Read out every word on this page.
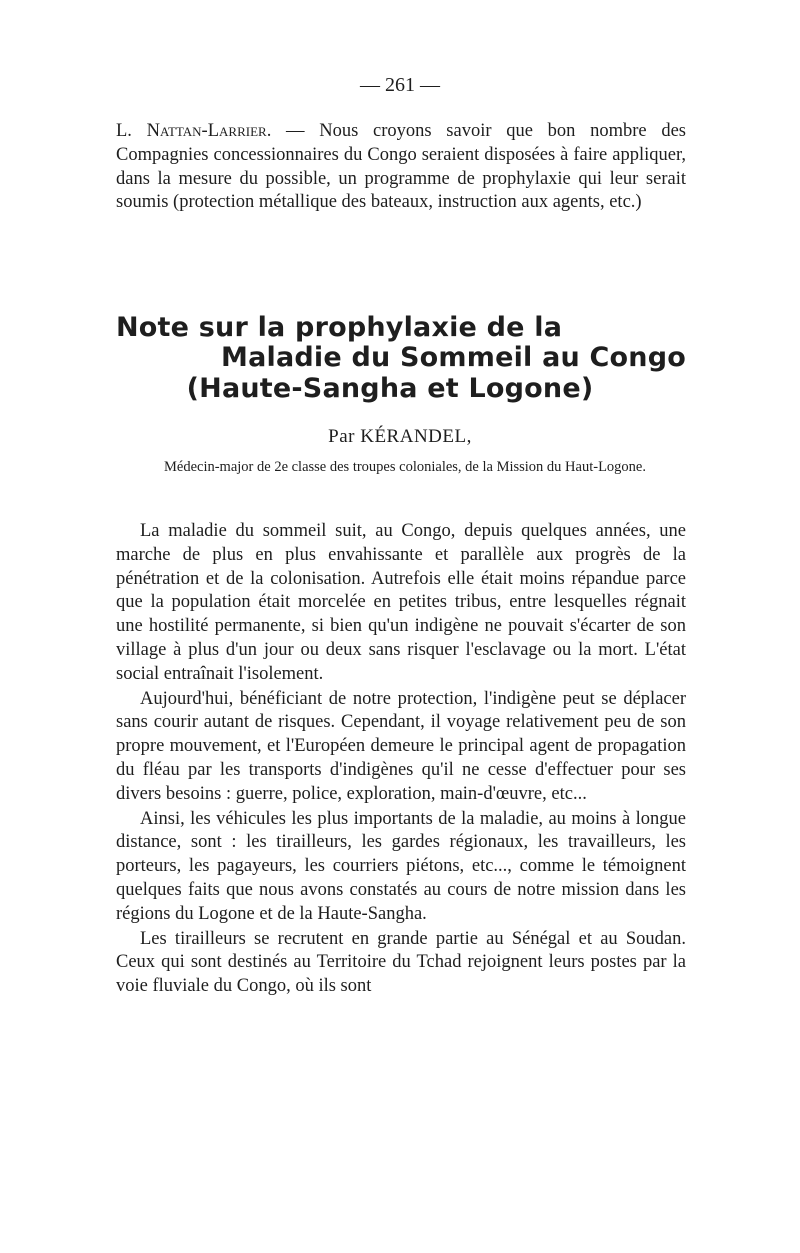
— 261 —

L. Nattan-Larrier. — Nous croyons savoir que bon nombre des Compagnies concessionnaires du Congo seraient disposées à faire appliquer, dans la mesure du possible, un programme de prophylaxie qui leur serait soumis (protection métallique des bateaux, instruction aux agents, etc.)

Note sur la prophylaxie de la
Maladie du Sommeil au Congo
(Haute-Sangha et Logone)
Par KÉRANDEL,
Médecin-major de 2e classe des troupes coloniales, de la Mission du Haut-Logone.

La maladie du sommeil suit, au Congo, depuis quelques années, une marche de plus en plus envahissante et parallèle aux progrès de la pénétration et de la colonisation. Autrefois elle était moins répandue parce que la population était morcelée en petites tribus, entre lesquelles régnait une hostilité permanente, si bien qu'un indigène ne pouvait s'écarter de son village à plus d'un jour ou deux sans risquer l'esclavage ou la mort. L'état social entraînait l'isolement.

Aujourd'hui, bénéficiant de notre protection, l'indigène peut se déplacer sans courir autant de risques. Cependant, il voyage relativement peu de son propre mouvement, et l'Européen demeure le principal agent de propagation du fléau par les transports d'indigènes qu'il ne cesse d'effectuer pour ses divers besoins : guerre, police, exploration, main-d'œuvre, etc...

Ainsi, les véhicules les plus importants de la maladie, au moins à longue distance, sont : les tirailleurs, les gardes régionaux, les travailleurs, les porteurs, les pagayeurs, les courriers piétons, etc..., comme le témoignent quelques faits que nous avons constatés au cours de notre mission dans les régions du Logone et de la Haute-Sangha.

Les tirailleurs se recrutent en grande partie au Sénégal et au Soudan. Ceux qui sont destinés au Territoire du Tchad rejoignent leurs postes par la voie fluviale du Congo, où ils sont
